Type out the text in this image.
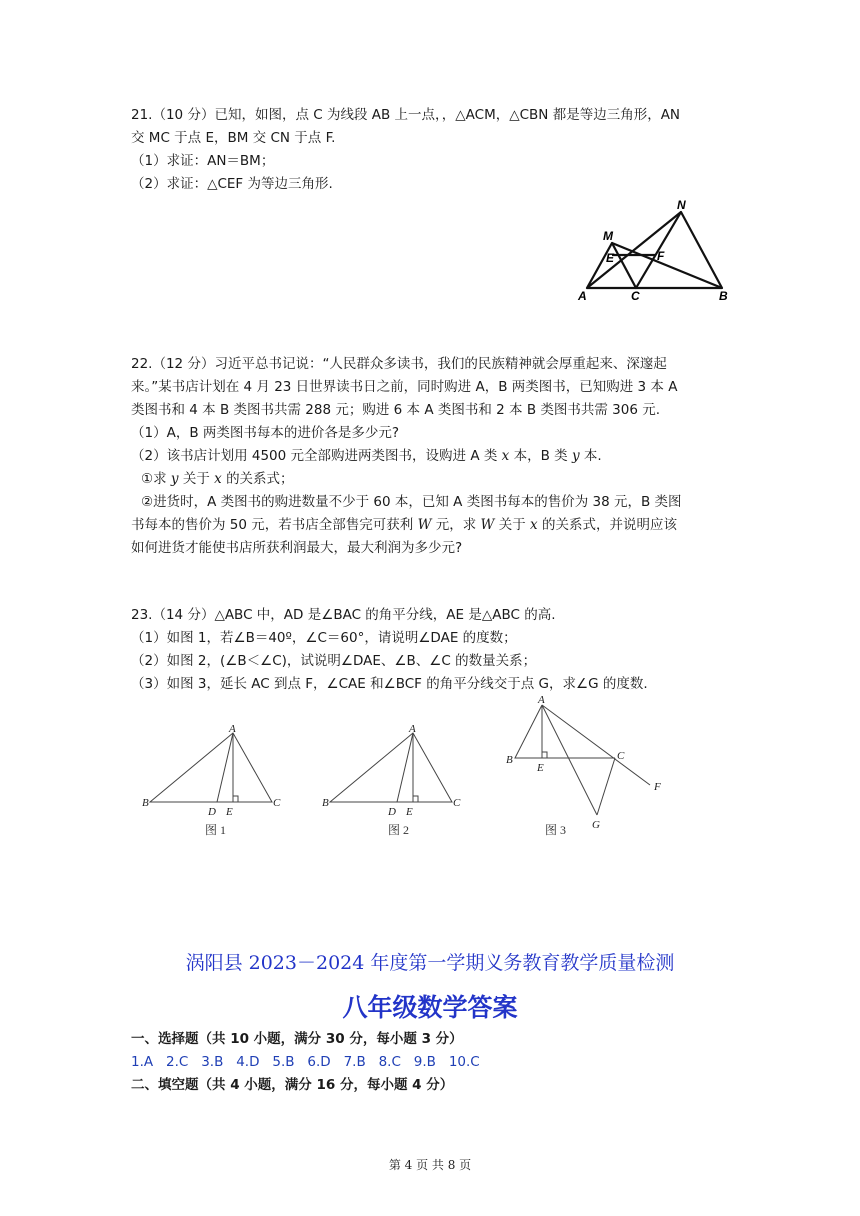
21.（10 分）已知，如图，点 C 为线段 AB 上一点，，△ACM，△CBN 都是等边三角形，AN
交 MC 于点 E，BM 交 CN 于点 F.
（1）求证：AN＝BM；
（2）求证：△CEF 为等边三角形.
N
M
E	F
A	C	B
22.（12 分）习近平总书记说：“人民群众多读书，我们的民族精神就会厚重起来、深邃起
来。”某书店计划在 4 月 23 日世界读书日之前，同时购进 A，B 两类图书，已知购进 3 本 A
类图书和 4 本 B 类图书共需 288 元；购进 6 本 A 类图书和 2 本 B 类图书共需 306 元.
（1）A，B 两类图书每本的进价各是多少元?
（2）该书店计划用 4500 元全部购进两类图书，设购进 A 类 x 本，B 类 y 本.
①求 y 关于 x 的关系式；
②进货时，A 类图书的购进数量不少于 60 本，已知 A 类图书每本的售价为 38 元，B 类图
书每本的售价为 50 元，若书店全部售完可获利 W 元，求 W 关于 x 的关系式，并说明应该
如何进货才能使书店所获利润最大，最大利润为多少元?
23.（14 分）△ABC 中，AD 是∠BAC 的角平分线，AE 是△ABC 的高.
（1）如图 1，若∠B＝40º，∠C＝60°，请说明∠DAE 的度数；
（2）如图 2，(∠B＜∠C)，试说明∠DAE、∠B、∠C 的数量关系；
（3）如图 3，延长 AC 到点 F，∠CAE 和∠BCF 的角平分线交于点 G，求∠G 的度数.
A
B	C
D E
A
B	C
D E
A
B
E
C
F
G
图 1	图 2	图 3
涡阳县 2023－2024 年度第一学期义务教育教学质量检测
八年级数学答案
一、选择题（共 10 小题，满分 30 分，每小题 3 分）
1.A 2.C 3.B 4.D 5.B 6.D 7.B 8.C 9.B 10.C
二、填空题（共 4 小题，满分 16 分，每小题 4 分）
第 4 页 共 8 页
